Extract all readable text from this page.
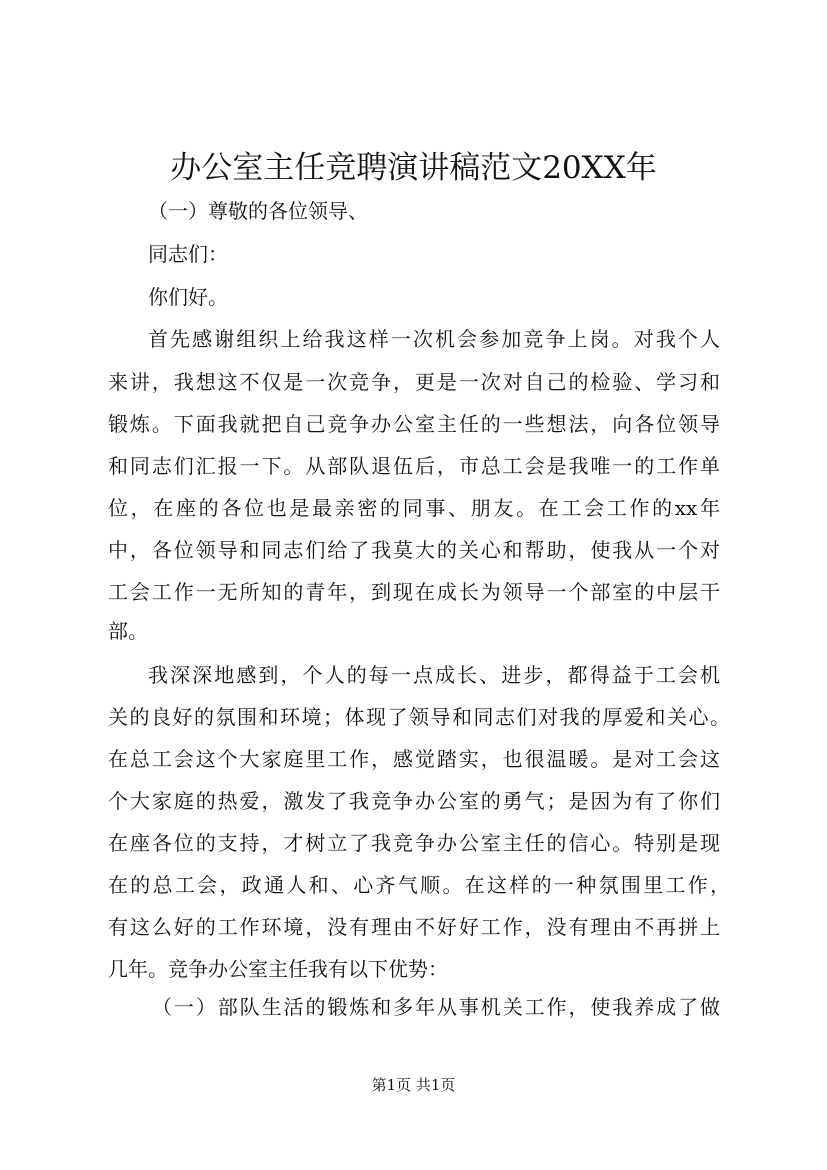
办公室主任竞聘演讲稿范文20XX年
（一）尊敬的各位领导、
同志们：
你们好。
首先感谢组织上给我这样一次机会参加竞争上岗。对我个人
来讲，我想这不仅是一次竞争，更是一次对自己的检验、学习和
锻炼。下面我就把自己竞争办公室主任的一些想法，向各位领导
和同志们汇报一下。从部队退伍后，市总工会是我唯一的工作单
位，在座的各位也是最亲密的同事、朋友。在工会工作的xx年
中，各位领导和同志们给了我莫大的关心和帮助，使我从一个对
工会工作一无所知的青年，到现在成长为领导一个部室的中层干
部。
我深深地感到，个人的每一点成长、进步，都得益于工会机
关的良好的氛围和环境；体现了领导和同志们对我的厚爱和关心。
在总工会这个大家庭里工作，感觉踏实，也很温暖。是对工会这
个大家庭的热爱，激发了我竞争办公室的勇气；是因为有了你们
在座各位的支持，才树立了我竞争办公室主任的信心。特别是现
在的总工会，政通人和、心齐气顺。在这样的一种氛围里工作，
有这么好的工作环境，没有理由不好好工作，没有理由不再拼上
几年。竞争办公室主任我有以下优势：
（一）部队生活的锻炼和多年从事机关工作，使我养成了做
第1页 共1页
